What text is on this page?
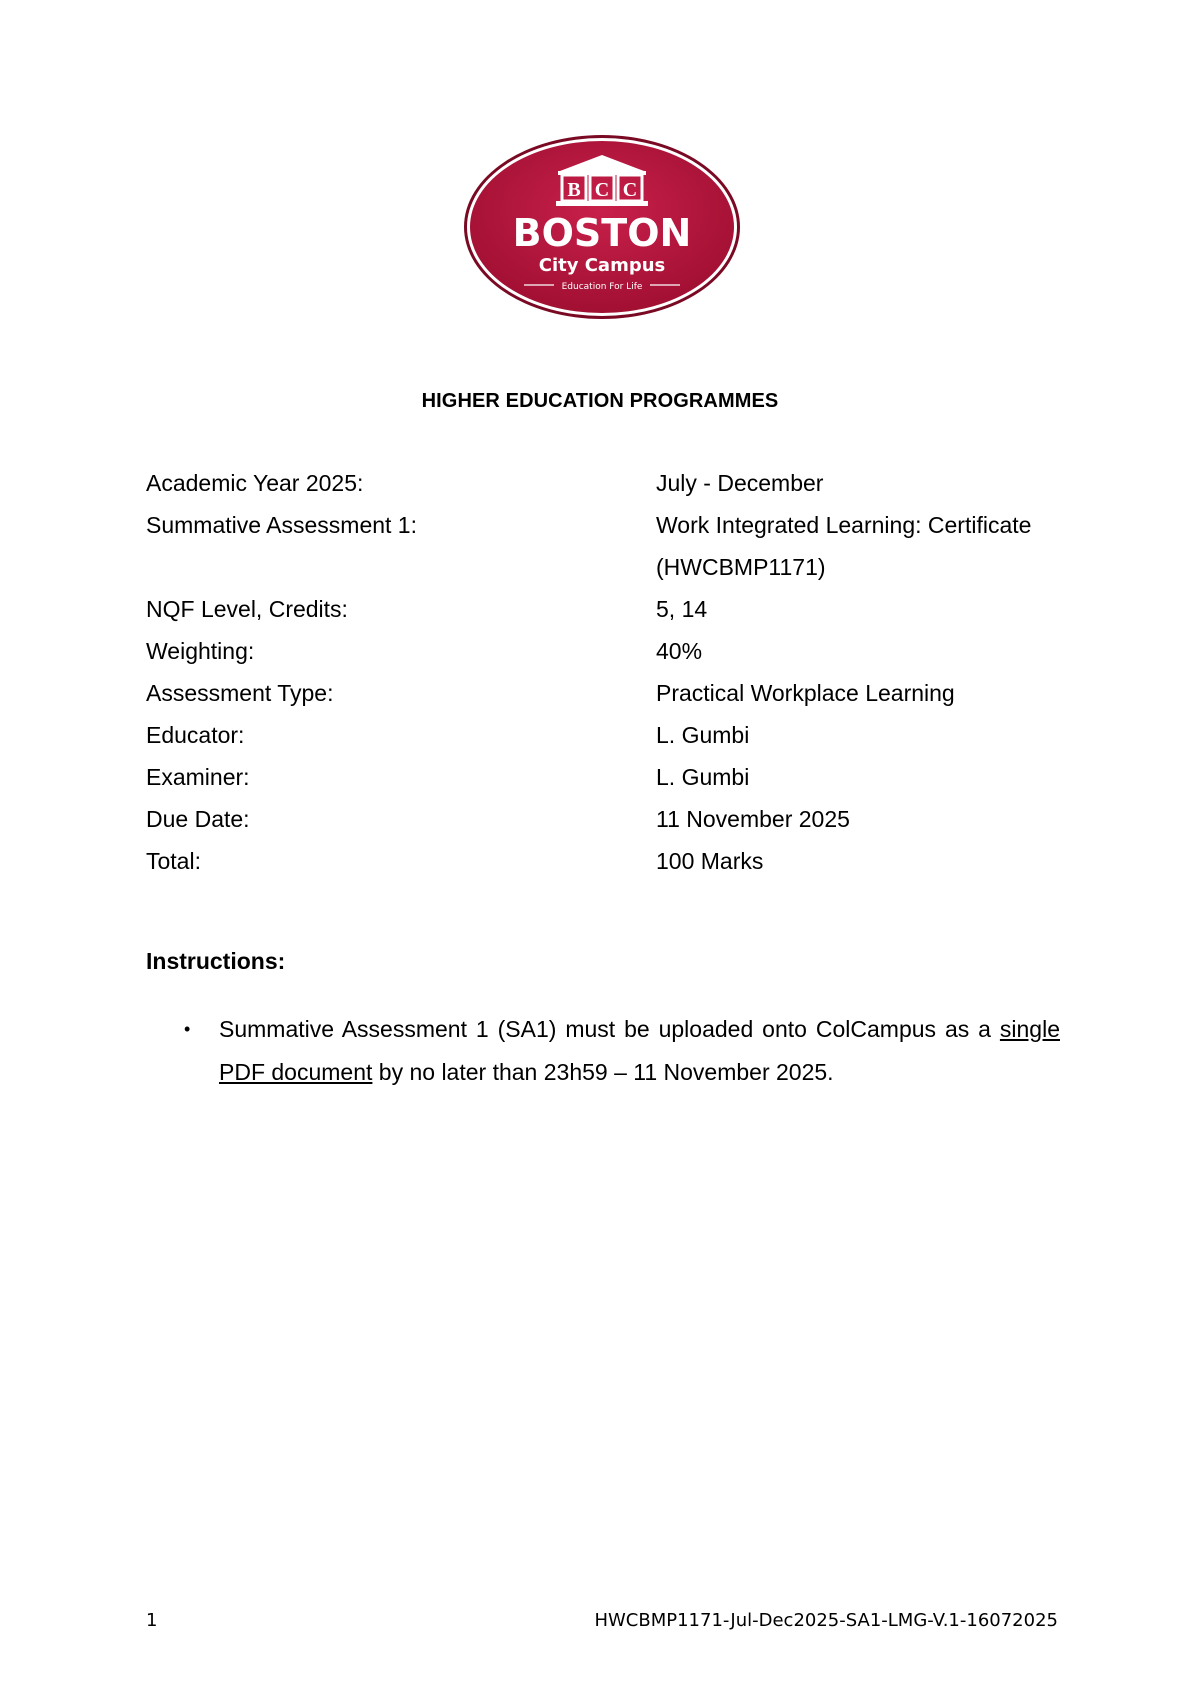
B C C
BOSTON
City Campus
Education For Life
HIGHER EDUCATION PROGRAMMES
Academic Year 2025:	July - December
Summative Assessment 1:	Work Integrated Learning: Certificate
(HWCBMP1171)
NQF Level, Credits:	5, 14
Weighting:	40%
Assessment Type:	Practical Workplace Learning
Educator:	L. Gumbi
Examiner:	L. Gumbi
Due Date:	11 November 2025
Total:	100 Marks
Instructions:
•	Summative Assessment 1 (SA1) must be uploaded onto ColCampus as a single PDF document by no later than 23h59 – 11 November 2025.
1	HWCBMP1171-Jul-Dec2025-SA1-LMG-V.1-16072025
